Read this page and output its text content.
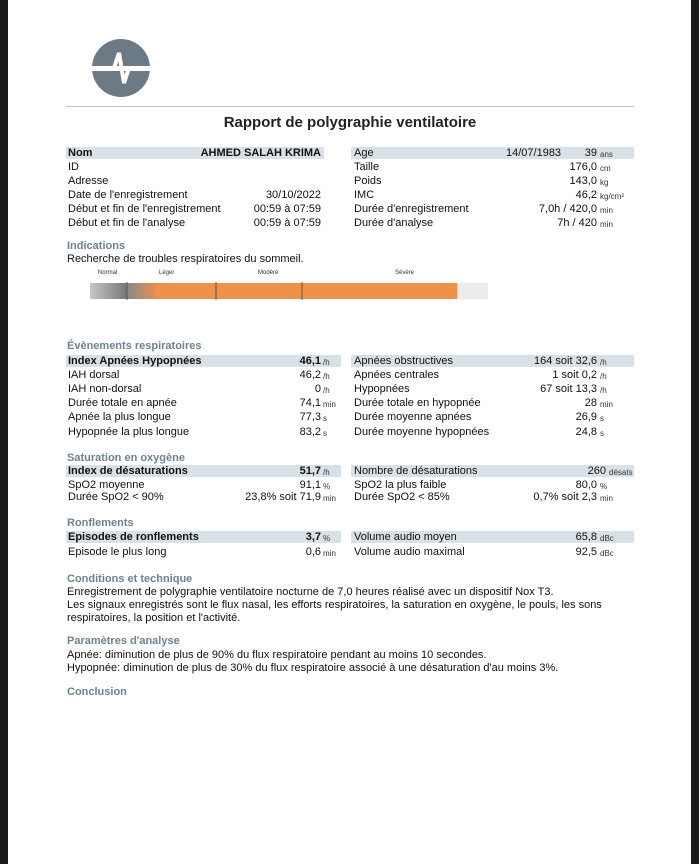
Rapport de polygraphie ventilatoire
Nom	AHMED SALAH KRIMA
ID
Adresse
Date de l'enregistrement	30/10/2022
Début et fin de l'enregistrement	00:59 à 07:59
Début et fin de l'analyse	00:59 à 07:59
Age	14/07/1983	39 ans
Taille	176,0 cm
Poids	143,0 kg
IMC	46,2 kg/cm²
Durée d'enregistrement	7,0h / 420,0 min
Durée d'analyse	7h / 420 min
Indications
Recherche de troubles respiratoires du sommeil.
Normal	Léger	Modéré	Sévère
Évènements respiratoires
Index Apnées Hypopnées	46,1 /h
IAH dorsal	46,2 /h
IAH non-dorsal	0 /h
Durée totale en apnée	74,1 min
Apnée la plus longue	77,3 s
Hypopnée la plus longue	83,2 s
Apnées obstructives	164 soit 32,6 /h
Apnées centrales	1 soit 0,2 /h
Hypopnées	67 soit 13,3 /h
Durée totale en hypopnée	28 min
Durée moyenne apnées	26,9 s
Durée moyenne hypopnées	24,8 s
Saturation en oxygène
Index de désaturations	51,7 /h
SpO2 moyenne	91,1 %
Durée SpO2 < 90%	23,8% soit 71,9 min
Nombre de désaturations	260 désats
SpO2 la plus faible	80,0 %
Durée SpO2 < 85%	0,7% soit 2,3 min
Ronflements
Episodes de ronflements	3,7 %
Episode le plus long	0,6 min
Volume audio moyen	65,8 dBc
Volume audio maximal	92,5 dBc
Conditions et technique
Enregistrement de polygraphie ventilatoire nocturne de 7,0 heures réalisé avec un dispositif Nox T3.
Les signaux enregistrés sont le flux nasal, les efforts respiratoires, la saturation en oxygène, le pouls, les sons respiratoires, la position et l'activité.
Paramètres d'analyse
Apnée: diminution de plus de 90% du flux respiratoire pendant au moins 10 secondes.
Hypopnée: diminution de plus de 30% du flux respiratoire associé à une désaturation d'au moins 3%.
Conclusion
